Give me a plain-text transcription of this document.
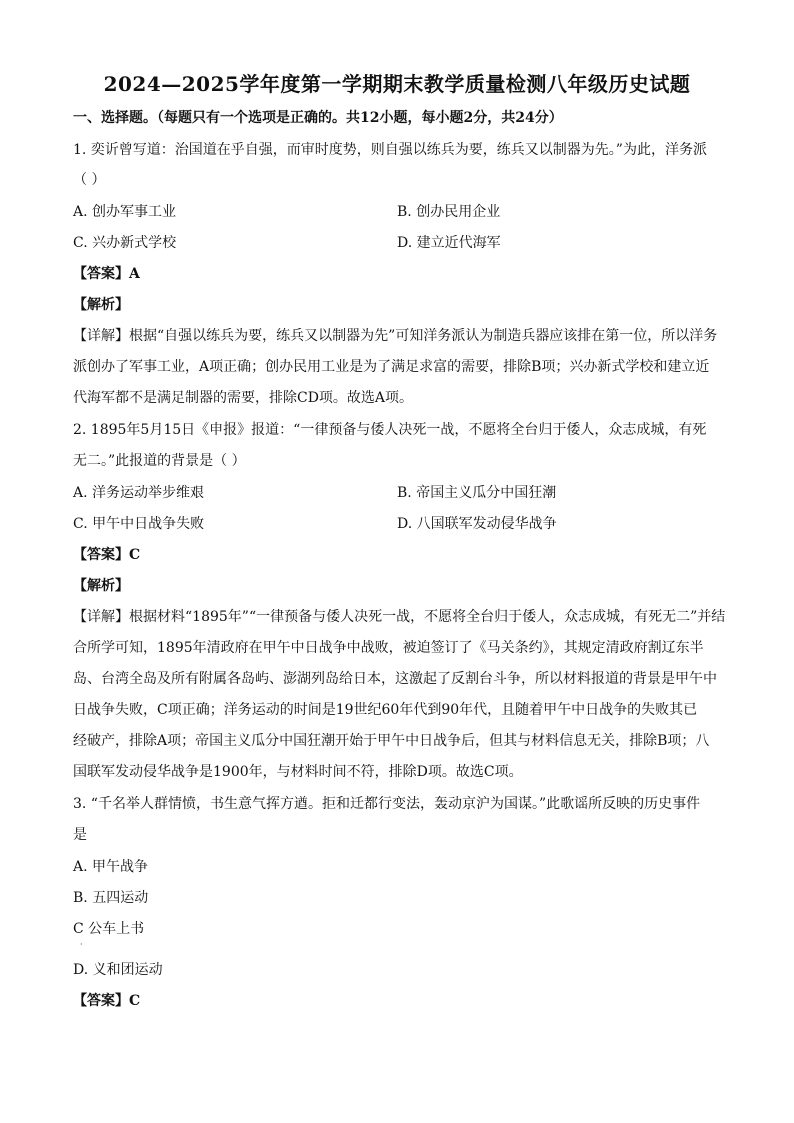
2024—2025学年度第一学期期末教学质量检测八年级历史试题
一、选择题。（每题只有一个选项是正确的。共12小题，每小题2分，共24分）
1. 奕䜣曾写道：治国道在乎自强，而审时度势，则自强以练兵为要，练兵又以制器为先。”为此，洋务派
（ ）
A. 创办军事工业	B. 创办民用企业
C. 兴办新式学校	D. 建立近代海军
【答案】A
【解析】
【详解】根据“自强以练兵为要，练兵又以制器为先”可知洋务派认为制造兵器应该排在第一位，所以洋务
派创办了军事工业，A项正确；创办民用工业是为了满足求富的需要，排除B项；兴办新式学校和建立近
代海军都不是满足制器的需要，排除CD项。故选A项。
2. 1895年5月15日《申报》报道：“一律预备与倭人决死一战，不愿将全台归于倭人，众志成城，有死
无二。”此报道的背景是（ ）
A. 洋务运动举步维艰	B. 帝国主义瓜分中国狂潮
C. 甲午中日战争失败	D. 八国联军发动侵华战争
【答案】C
【解析】
【详解】根据材料“1895年”“一律预备与倭人决死一战，不愿将全台归于倭人，众志成城，有死无二”并结
合所学可知，1895年清政府在甲午中日战争中战败，被迫签订了《马关条约》，其规定清政府割辽东半
岛、台湾全岛及所有附属各岛屿、澎湖列岛给日本，这激起了反割台斗争，所以材料报道的背景是甲午中
日战争失败，C项正确；洋务运动的时间是19世纪60年代到90年代，且随着甲午中日战争的失败其已
经破产，排除A项；帝国主义瓜分中国狂潮开始于甲午中日战争后，但其与材料信息无关，排除B项；八
国联军发动侵华战争是1900年，与材料时间不符，排除D项。故选C项。
3. “千名举人群情愤，书生意气挥方遒。拒和迁都行变法，轰动京沪为国谋。”此歌谣所反映的历史事件
是
A. 甲午战争
B. 五四运动
C 公车上书
·
D. 义和团运动
【答案】C
